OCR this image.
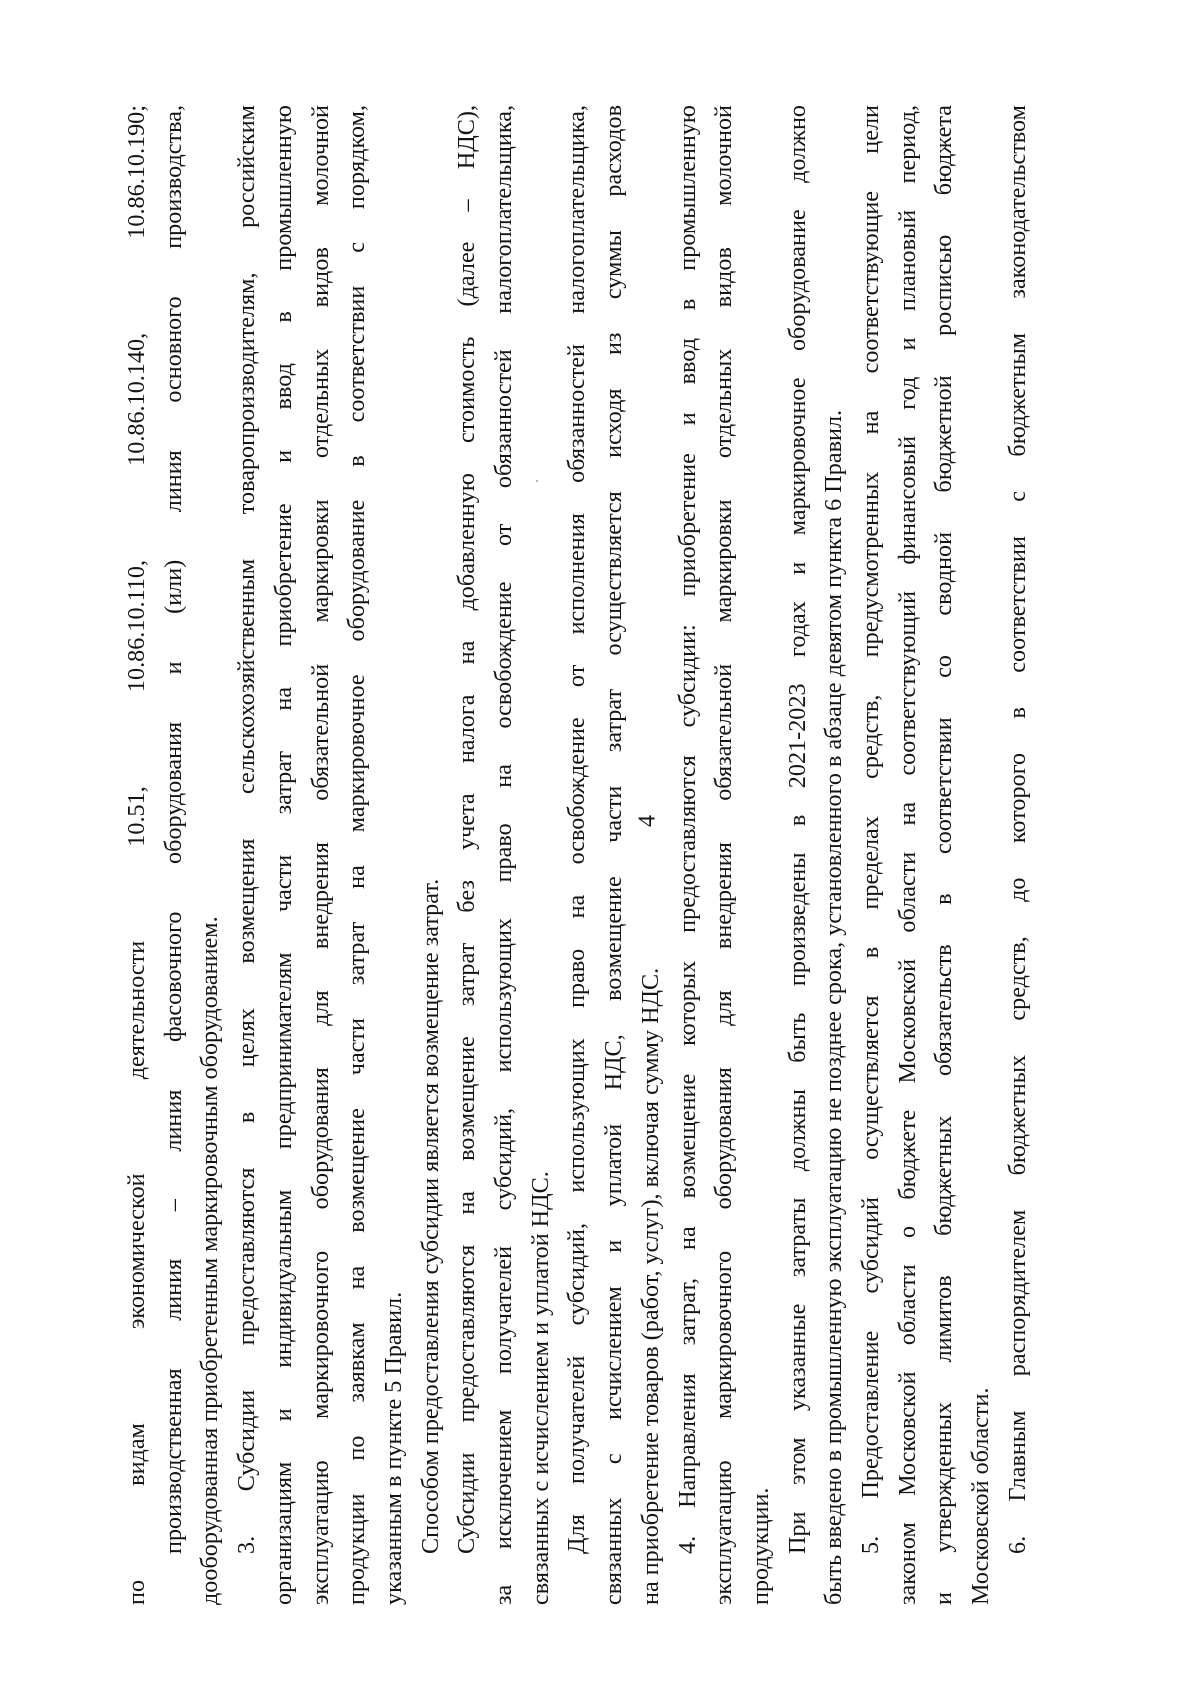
4
по видам экономической деятельности 10.51, 10.86.10.110, 10.86.10.140, 10.86.10.190; производственная линия – линия фасовочного оборудования и (или) линия основного производства, дооборудованная приобретенным маркировочным оборудованием. 3. Субсидии предоставляются в целях возмещения сельскохозяйственным товаропроизводителям, российским организациям и индивидуальным предпринимателям части затрат на приобретение и ввод в промышленную эксплуатацию маркировочного оборудования для внедрения обязательной маркировки отдельных видов молочной продукции по заявкам на возмещение части затрат на маркировочное оборудование в соответствии с порядком, указанным в пункте 5 Правил. Способом предоставления субсидии является возмещение затрат. Субсидии предоставляются на возмещение затрат без учета налога на добавленную стоимость (далее – НДС), за исключением получателей субсидий, использующих право на освобождение от обязанностей налогоплательщика, связанных с исчислением и уплатой НДС. Для получателей субсидий, использующих право на освобождение от исполнения обязанностей налогоплательщика, связанных с исчислением и уплатой НДС, возмещение части затрат осуществляется исходя из суммы расходов на приобретение товаров (работ, услуг), включая сумму НДС. 4. Направления затрат, на возмещение которых предоставляются субсидии: приобретение и ввод в промышленную эксплуатацию маркировочного оборудования для внедрения обязательной маркировки отдельных видов молочной продукции. При этом указанные затраты должны быть произведены в 2021-2023 годах и маркировочное оборудование должно быть введено в промышленную эксплуатацию не позднее срока, установленного в абзаце девятом пункта 6 Правил. 5. Предоставление субсидий осуществляется в пределах средств, предусмотренных на соответствующие цели законом Московской области о бюджете Московской области на соответствующий финансовый год и плановый период, и утвержденных лимитов бюджетных обязательств в соответствии со сводной бюджетной росписью бюджета Московской области. 6. Главным распорядителем бюджетных средств, до которого в соответствии с бюджетным законодательством
